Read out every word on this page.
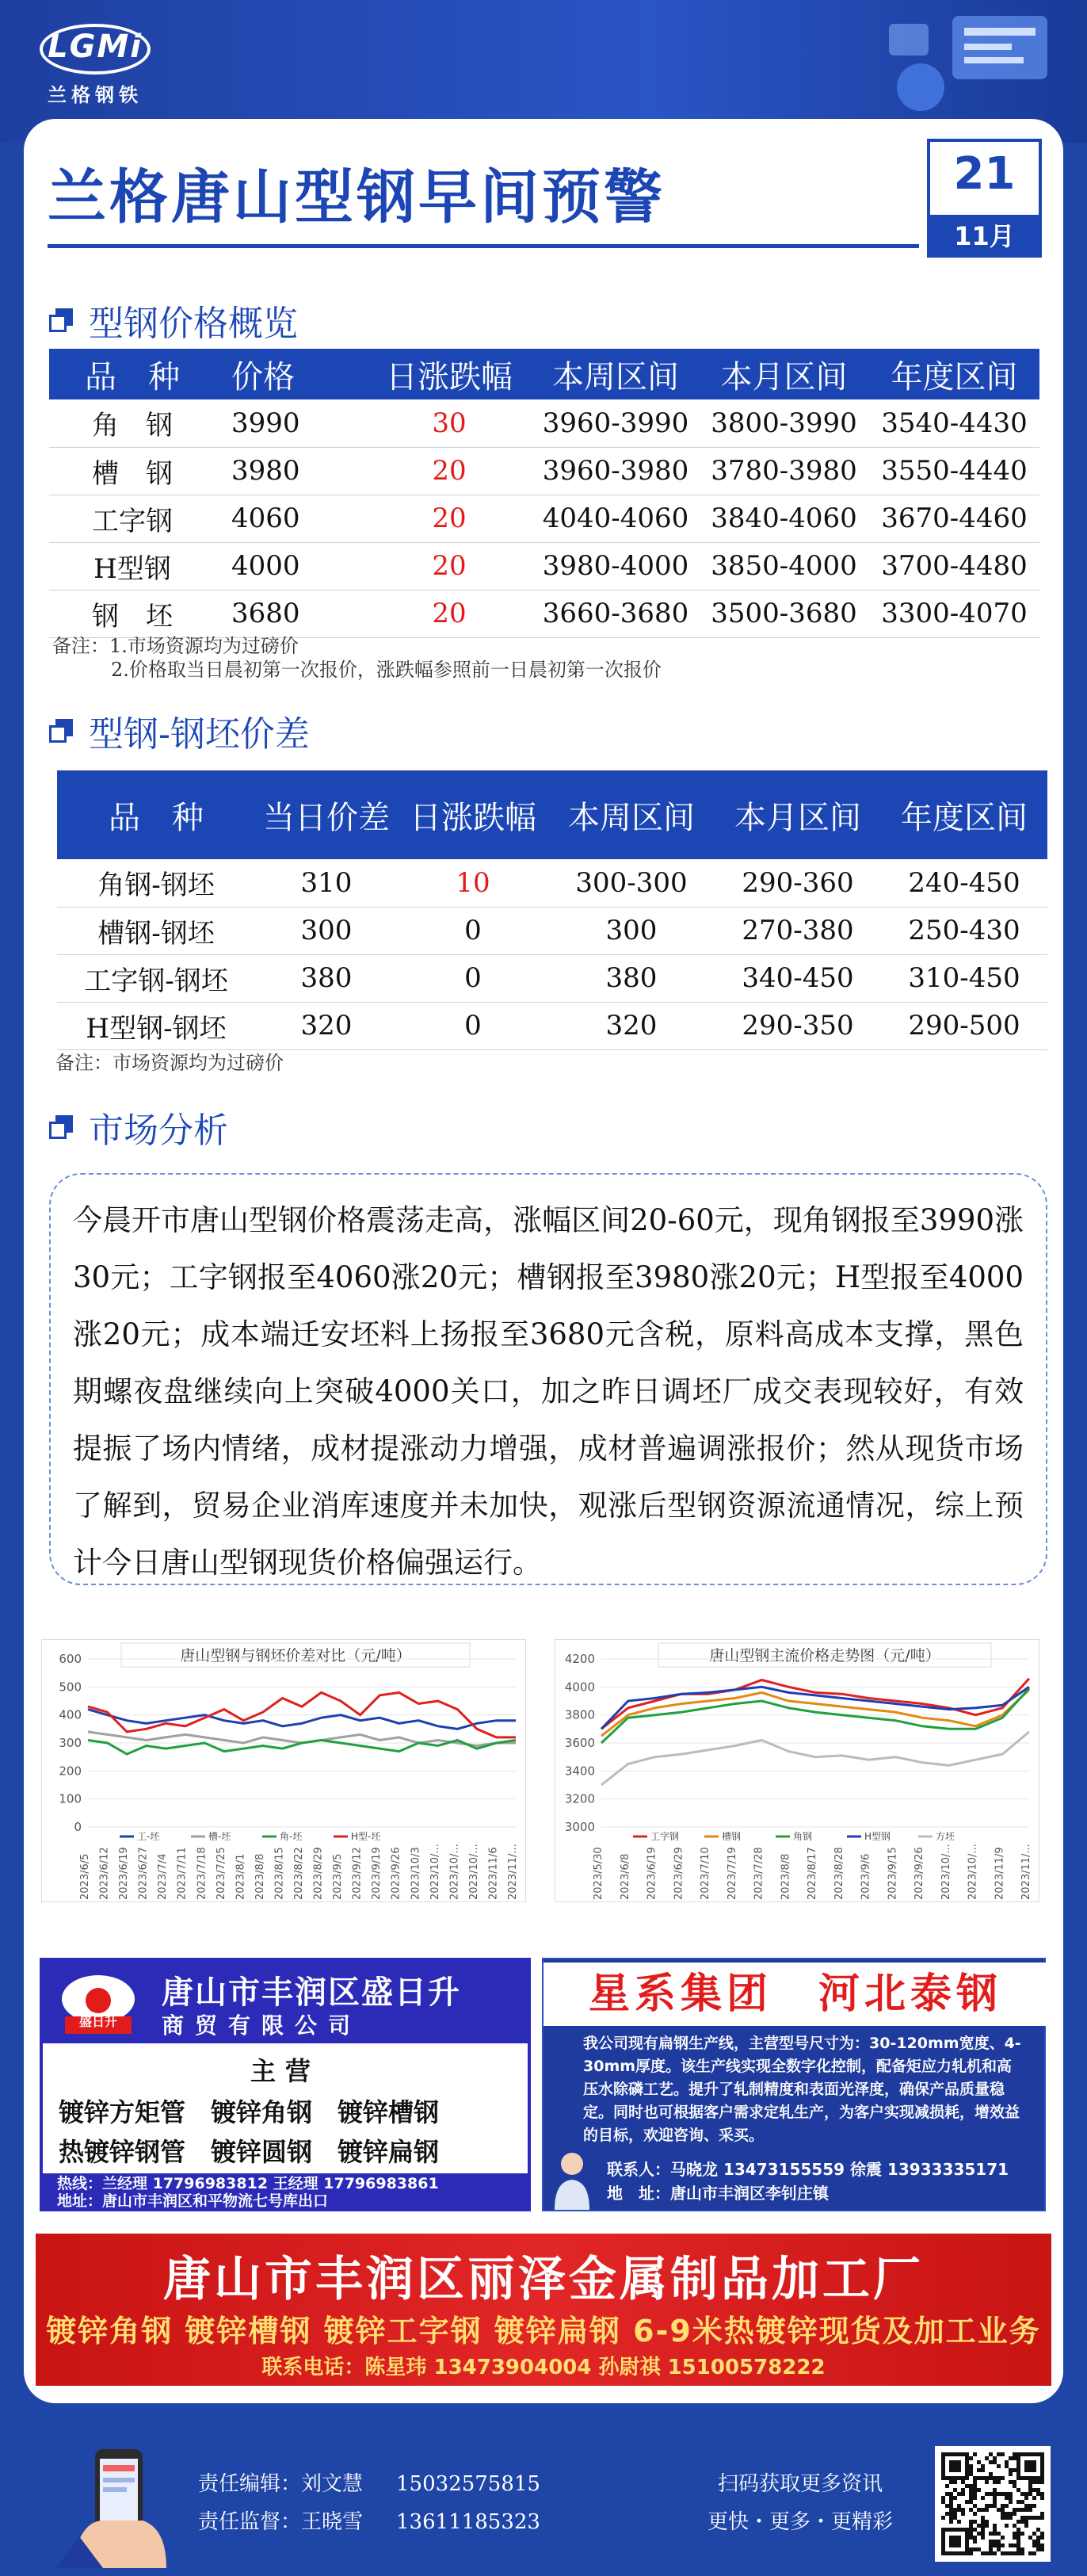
LGMi
兰格钢铁
兰格唐山型钢早间预警	21
11月
型钢价格概览
品　种	价格	日涨跌幅	本周区间	本月区间	年度区间
角　钢	3990	30	3960-3990	3800-3990	3540-4430
槽　钢	3980	20	3960-3980	3780-3980	3550-4440
工字钢	4060	20	4040-4060	3840-4060	3670-4460
H型钢	4000	20	3980-4000	3850-4000	3700-4480
钢　坯	3680	20	3660-3680	3500-3680	3300-4070
备注：1.市场资源均为过磅价
2.价格取当日晨初第一次报价，涨跌幅参照前一日晨初第一次报价
型钢-钢坯价差
品　种	当日价差	日涨跌幅	本周区间	本月区间	年度区间
角钢-钢坯	310	10	300-300	290-360	240-450
槽钢-钢坯	300	0	300	270-380	250-430
工字钢-钢坯	380	0	380	340-450	310-450
H型钢-钢坯	320	0	320	290-350	290-500
备注：市场资源均为过磅价
市场分析

今晨开市唐山型钢价格震荡走高，涨幅区间20-60元，现角钢报至3990涨30元；工字钢报至4060涨20元；槽钢报至3980涨20元；H型报至4000涨20元；成本端迁安坯料上扬报至3680元含税，原料高成本支撑，黑色期螺夜盘继续向上突破4000关口，加之昨日调坯厂成交表现较好，有效提振了场内情绪，成材提涨动力增强，成材普遍调涨报价；然从现货市场了解到，贸易企业消库速度并未加快，观涨后型钢资源流通情况，综上预计今日唐山型钢现货价格偏强运行。

唐山型钢与钢坯价差对比（元/吨）
0
100
200
300
400
500
600
2023/6/5 2023/6/12 2023/6/19 2023/6/27 2023/7/4 2023/7/11 2023/7/18 2023/7/25 2023/8/1 2023/8/8 2023/8/15 2023/8/22 2023/8/29 2023/9/5 2023/9/12 2023/9/19 2023/9/26 2023/10/3 2023/10/... 2023/10/... 2023/10/... 2023/11/6 2023/11/...
工-坯	槽-坯	角-坯	H型-坯
唐山型钢主流价格走势图（元/吨）
3000
3200
3400
3600
3800
4000
4200
2023/5/30 2023/6/8 2023/6/19 2023/6/29 2023/7/10 2023/7/19 2023/7/28 2023/8/8 2023/8/17 2023/8/28 2023/9/6 2023/9/15 2023/9/26 2023/10/... 2023/10/... 2023/11/9 2023/11/...
工字钢	槽钢	角钢	H型钢	方坯
盛日升
唐山市丰润区盛日升
商贸有限公司
主营
镀锌方矩管　镀锌角钢　镀锌槽钢
热镀锌钢管　镀锌圆钢　镀锌扁钢
热线：兰经理 17796983812 王经理 17796983861
地址：唐山市丰润区和平物流七号库出口
星系集团　河北泰钢
我公司现有扁钢生产线，主营型号尺寸为：30-120mm宽度、4-30mm厚度。该生产线实现全数字化控制，配备矩应力轧机和高压水除磷工艺。提升了轧制精度和表面光泽度，确保产品质量稳定。同时也可根据客户需求定轧生产，为客户实现减损耗，增效益的目标，欢迎咨询、采买。
联系人：马晓龙 13473155559 徐震 13933335171
地　址：唐山市丰润区李钊庄镇
唐山市丰润区丽泽金属制品加工厂
镀锌角钢 镀锌槽钢 镀锌工字钢 镀锌扁钢 6-9米热镀锌现货及加工业务
联系电话：陈星玮 13473904004 孙尉祺 15100578222
责任编辑：刘文慧 15032575815
责任监督：王晓雪 13611185323
扫码获取更多资讯
更快・更多・更精彩
